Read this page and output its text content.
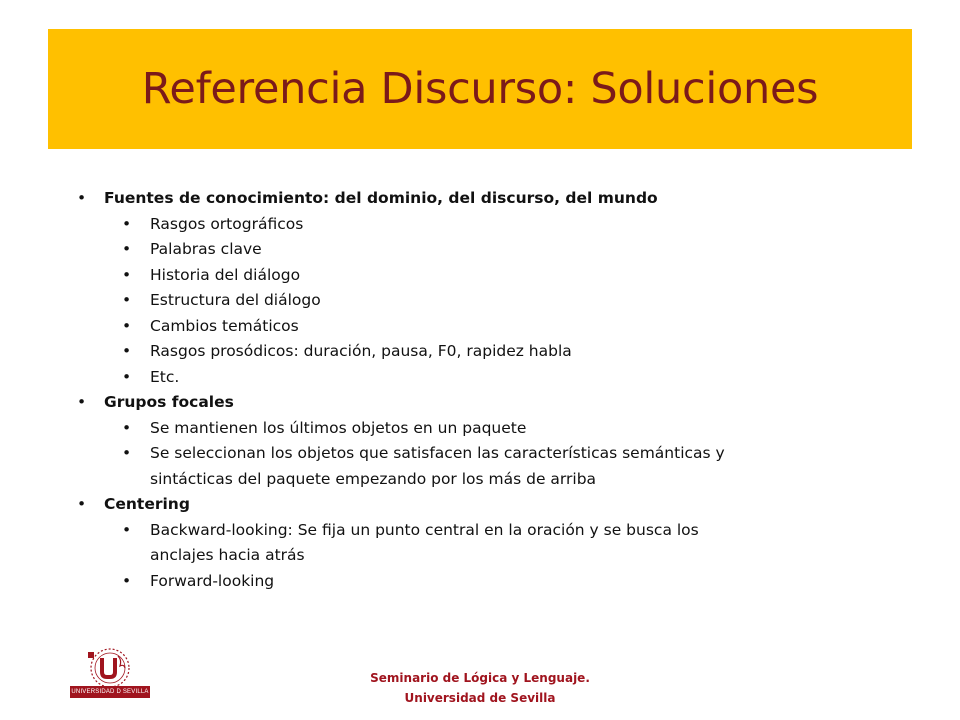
Referencia Discurso: Soluciones
• Fuentes de conocimiento: del dominio, del discurso, del mundo
• Rasgos ortográficos
• Palabras clave
• Historia del diálogo
• Estructura del diálogo
• Cambios temáticos
• Rasgos prosódicos: duración, pausa, F0, rapidez habla
• Etc.
• Grupos focales
• Se mantienen los últimos objetos en un paquete
• Se seleccionan los objetos que satisfacen las características semánticas y sintácticas del paquete empezando por los más de arriba
• Centering
• Backward-looking: Se fija un punto central en la oración y se busca los anclajes hacia atrás
• Forward-looking
UNIVERSIDAD D SEVILLA
Seminario de Lógica y Lenguaje.
Universidad de Sevilla
